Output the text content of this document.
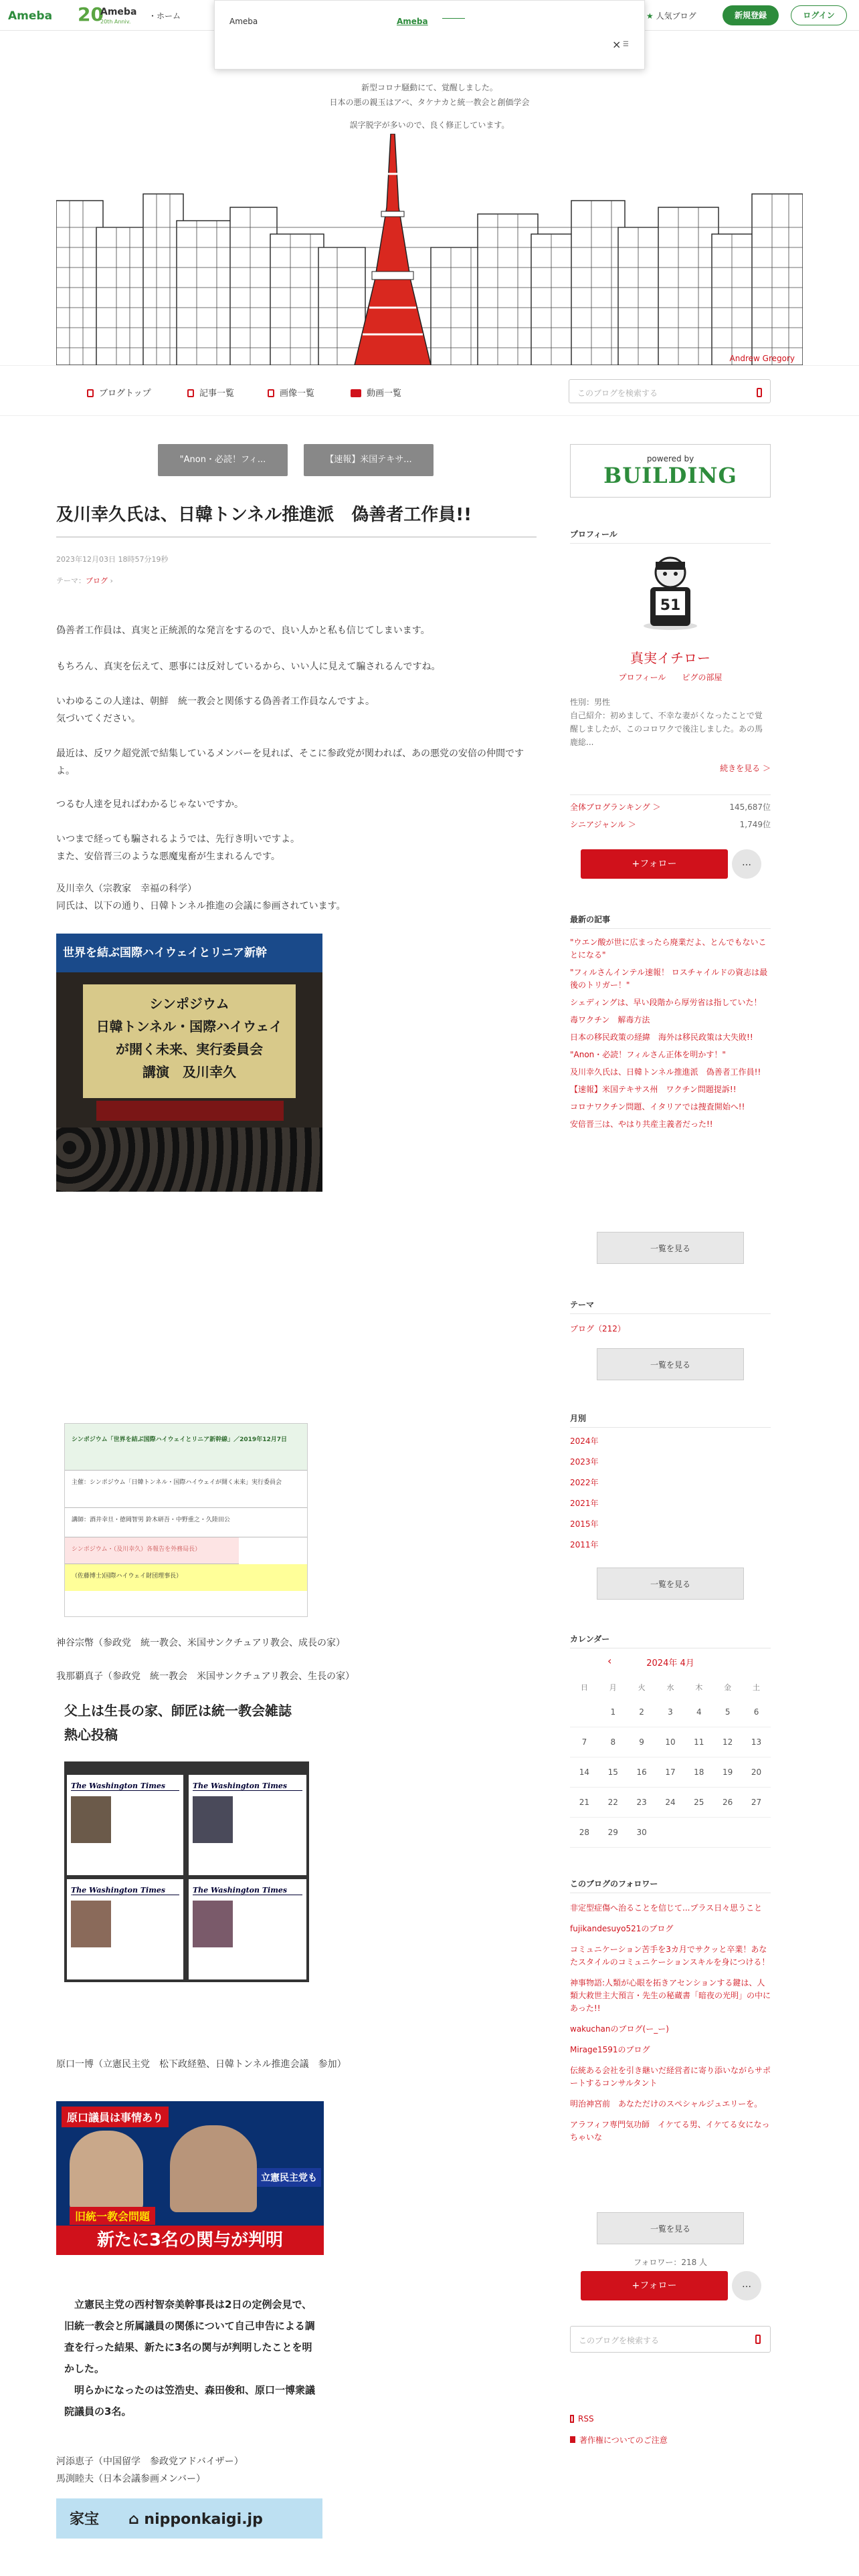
Ameba 20
Ameba
20th Anniv.
・ホーム	★ 人気ブログ	新規登録	ログイン
Ameba	Ameba
× ☰
新型コロナ騒動にて、覚醒しました。
日本の悪の親玉はアベ、タケナカと統一教会と創価学会
誤字脱字が多いので、良く修正しています。
Andrew Gregory
ブログトップ	記事一覧	画像一覧	動画一覧	このブログを検索する
"Anon・必読！フィ...	【速報】米国テキサ...
及川幸久氏は、日韓トンネル推進派　偽善者工作員!!
2023年12月03日 18時57分19秒
テーマ：ブログ ›

偽善者工作員は、真実と正統派的な発言をするので、良い人かと私も信じてしまいます。

もちろん、真実を伝えて、悪事には反対しているから、いい人に見えて騙されるんですね。

いわゆるこの人達は、朝鮮　統一教会と関係する偽善者工作員なんですよ。
気づいてください。

最近は、反ワク超党派で結集しているメンバーを見れば、そこに参政党が関われば、あの悪党の安倍の仲間ですよ。

つるむ人達を見ればわかるじゃないですか。

いつまで経っても騙されるようでは、先行き明いですよ。
また、安倍晋三のような悪魔鬼畜が生まれるんです。

及川幸久（宗教家　幸福の科学）
同氏は、以下の通り、日韓トンネル推進の会議に参画されています。

世界を結ぶ国際ハイウェイとリニア新幹
シンポジウム
日韓トンネル・国際ハイウェイ
が開く未来、実行委員会
講演　及川幸久
シンポジウム「世界を結ぶ国際ハイウェイとリニア新幹線」／2019年12月7日
主催：シンポジウム「日韓トンネル・国際ハイウェイが開く未来」実行委員会
講師：酒井幸旦・徳岡智男 鈴木研吾・中野重之・久陸田公
シンポジウム・（及川幸久）各報告を外務局長）
（佐藤博士)国際ハイウェイ財団理事長）

神谷宗幣（参政党　統一教会、米国サンクチュアリ教会、成長の家）

我那覇真子（参政党　統一教会　米国サンクチュアリ教会、生長の家）

父上は生長の家、師匠は統一教会雑誌
熱心投稿
The Washington Times	The Washington Times
The Washington Times	The Washington Times

原口一博（立憲民主党　松下政経塾、日韓トンネル推進会議　参加）

原口議員は事情あり
立憲民主党も
旧統一教会問題
新たに3名の関与が判明

　立憲民主党の西村智奈美幹事長は2日の定例会見で、旧統一教会と所属議員の関係について自己申告による調査を行った結果、新たに3名の関与が判明したことを明かした。
　明らかになったのは笠浩史、森田俊和、原口一博衆議院議員の3名。

河添恵子（中国留学　参政党アドバイザー）
馬渕睦夫（日本会議参画メンバー）

家宝　　⌂ nipponkaigi.jp
powered by
BUILDING
プロフィール
51
真実イチロー
プロフィール　　 ピグの部屋
性別：男性
自己紹介：初めまして、不幸な妻がくなったことで覚醒しましたが、このコロワクで後注しました。あの馬鹿総...
続きを見る ＞
全体ブログランキング ＞	145,687位
シニアジャンル ＞	1,749位
+フォロー	…
最新の記事
"ウエン酸が世に広まったら廃業だよ、とんでもないことになる"
"フィルさんインテル速報！ ロスチャイルドの資志は最後のトリガー！"
シェディングは、早い段階から厚労省は指していた！
毒ワクチン　解毒方法
日本の移民政策の経緯　海外は移民政策は大失敗!!
"Anon・必読！フィルさん正体を明かす！"
及川幸久氏は、日韓トンネル推進派　偽善者工作員!!
【速報】米国テキサス州　ワクチン問題提訴!!
コロナワクチン問題、イタリアでは捜査開始へ!!
安倍晋三は、やはり共産主義者だった!!
一覧を見る
テーマ
ブログ（212）
一覧を見る
月別
2024年
2023年
2022年
2021年
2015年
2011年
一覧を見る
カレンダー
‹	2024年 4月
日	月	火	水	木	金	土
	1	2	3	4	5	6
7	8	9	10	11	12	13
14	15	16	17	18	19	20
21	22	23	24	25	26	27
28	29	30				
このブログのフォロワー
非定型症傷へ治ることを信じて...プラス日々思うこと
fujikandesuyo521のブログ
コミュニケーション苦手を3カ月でサクッと卒業！あなたスタイルのコミュニケーションスキルを身につける！
神事物語:人類が心眼を拓きアセンションする鍵は、人類大救世主大預言・先生の秘蔵書「暗夜の光明」の中にあった!!
wakuchanのブログ(ー_ー)
Mirage1591のブログ
伝統ある会社を引き継いだ経営者に寄り添いながらサポートするコンサルタント
明治神宮前　あなただけのスペシャルジュエリーを。
アラフィフ専門気功師　イケてる男、イケてる女になっちゃいな
一覧を見る
フォロワー：218 人
+フォロー	…
このブログを検索する
RSS
著作権についてのご注意
